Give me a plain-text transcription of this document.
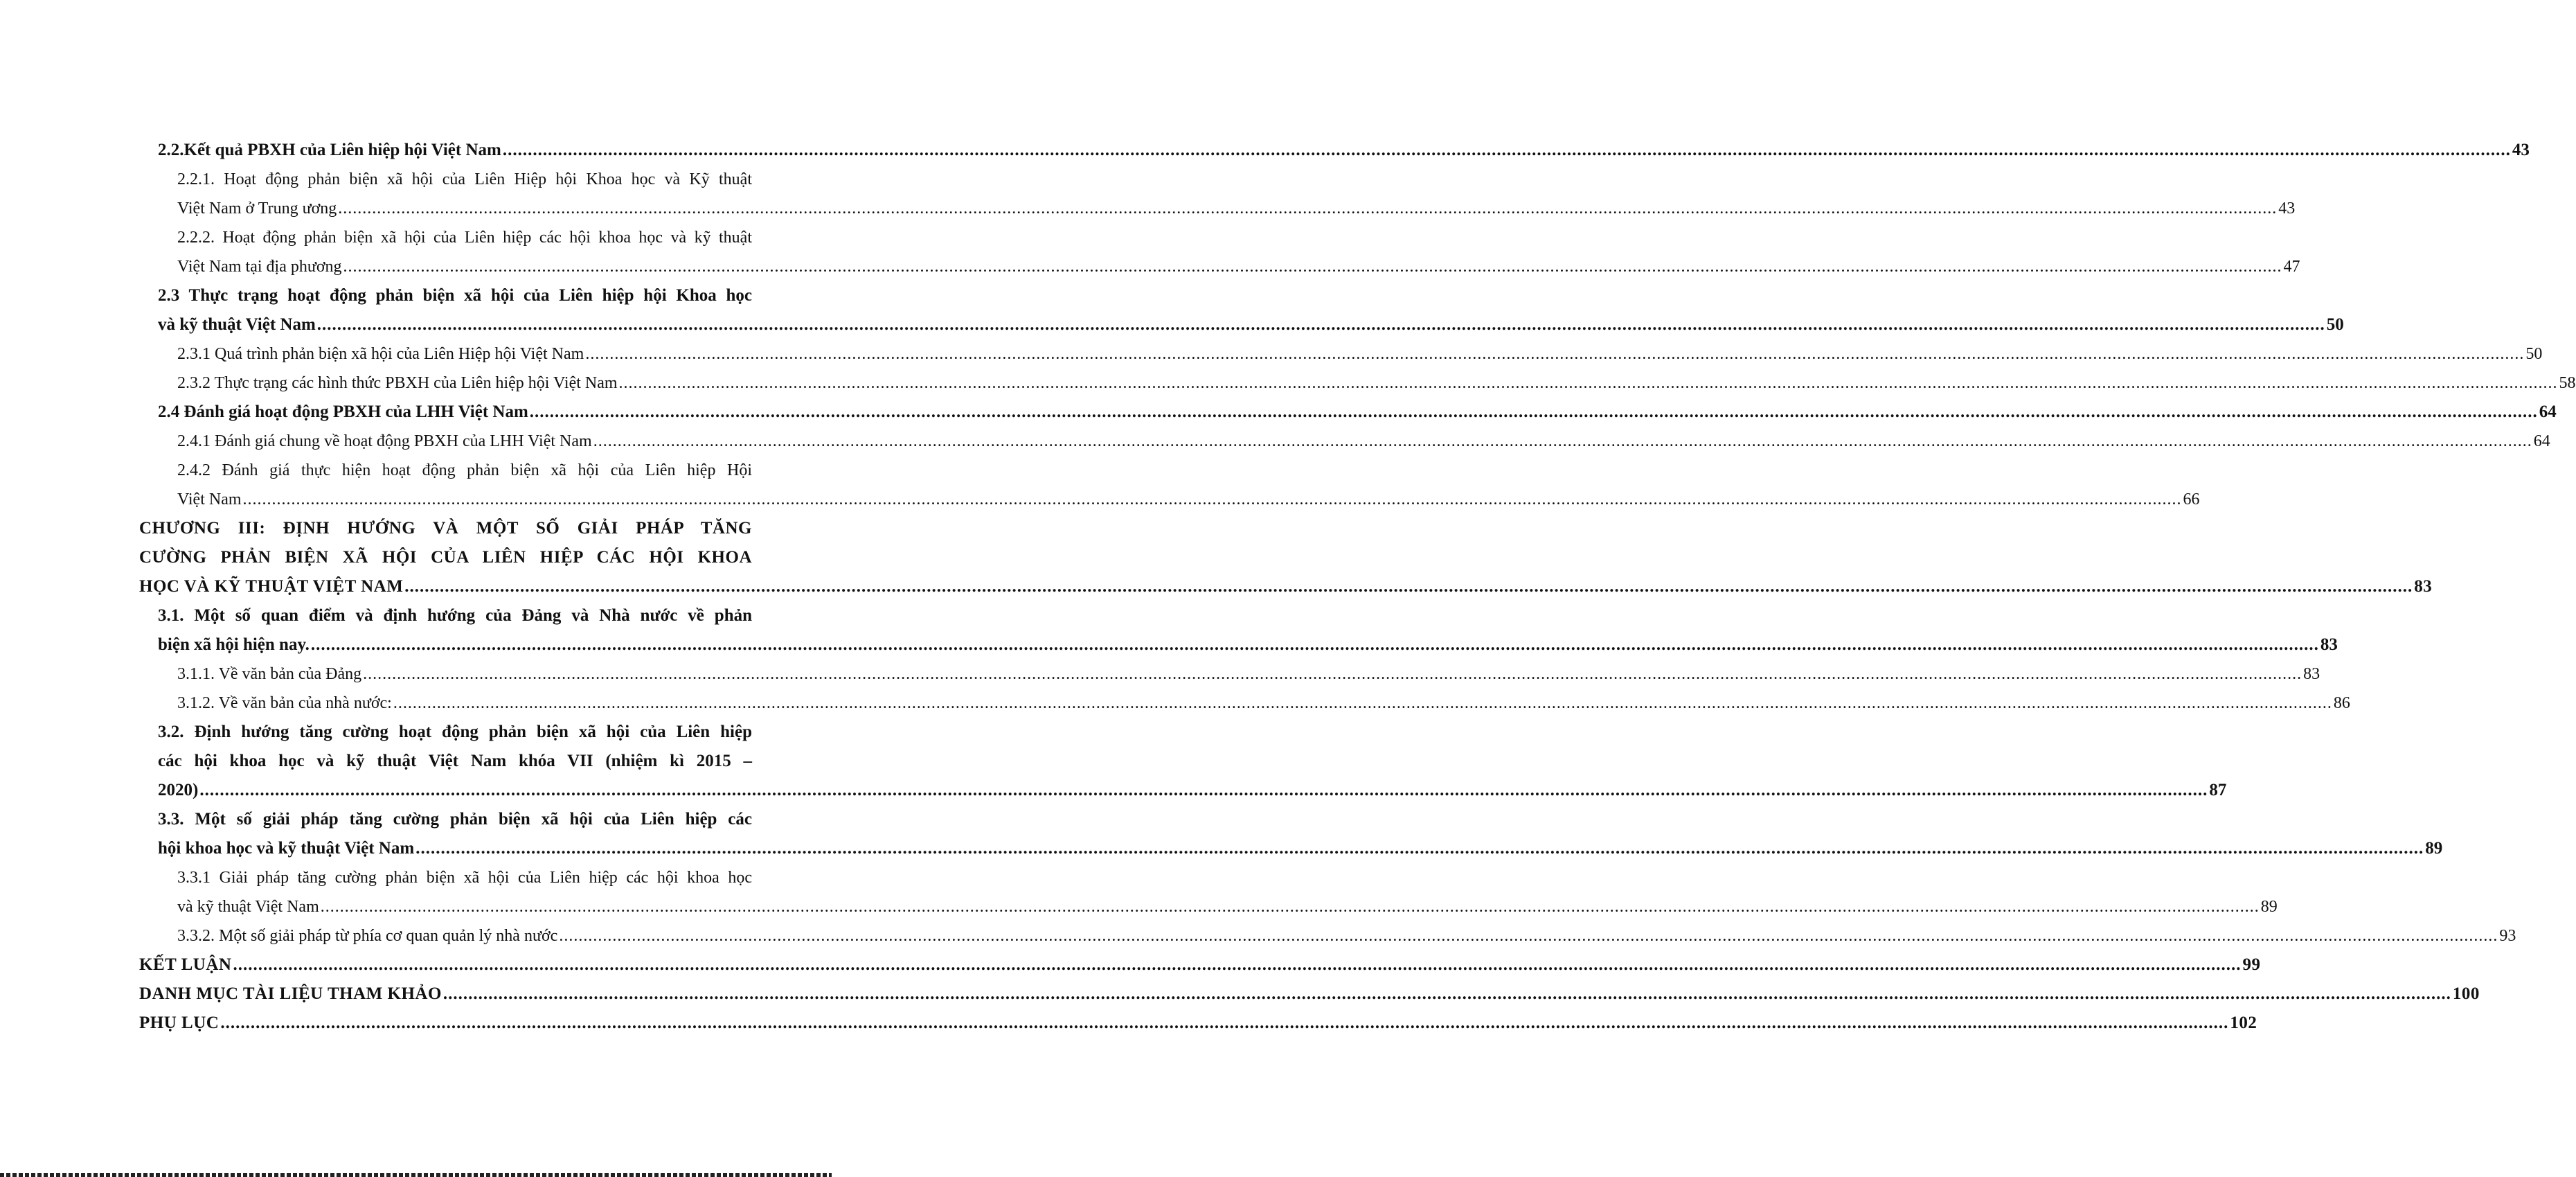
2.2.Kết quả PBXH của Liên hiệp hội Việt Nam ................................................................................................................................................................................................................................................................................................................................................................................................................ 43
2.2.1. Hoạt động phản biện xã hội của Liên Hiệp hội Khoa học và Kỹ thuật
Việt Nam ở Trung ương ................................................................................................................................................................................................................................................................................................................................................................................................................ 43
2.2.2. Hoạt động phản biện xã hội của Liên hiệp các hội khoa học và kỹ thuật
Việt Nam tại địa phương ................................................................................................................................................................................................................................................................................................................................................................................................................ 47
2.3 Thực trạng hoạt động phản biện xã hội của Liên hiệp hội Khoa học
và kỹ thuật Việt Nam ................................................................................................................................................................................................................................................................................................................................................................................................................ 50
2.3.1 Quá trình phản biện xã hội của Liên Hiệp hội Việt Nam ................................................................................................................................................................................................................................................................................................................................................................................................................ 50
2.3.2 Thực trạng các hình thức PBXH của Liên hiệp hội Việt Nam ................................................................................................................................................................................................................................................................................................................................................................................................................ 58
2.4 Đánh giá hoạt động PBXH của LHH Việt Nam ................................................................................................................................................................................................................................................................................................................................................................................................................ 64
2.4.1 Đánh giá chung về hoạt động PBXH của LHH Việt Nam ................................................................................................................................................................................................................................................................................................................................................................................................................ 64
2.4.2 Đánh giá thực hiện hoạt động phản biện xã hội của Liên hiệp Hội
Việt Nam ................................................................................................................................................................................................................................................................................................................................................................................................................ 66
CHƯƠNG III: ĐỊNH HƯỚNG VÀ MỘT SỐ GIẢI PHÁP TĂNG
CƯỜNG PHẢN BIỆN XÃ HỘI CỦA LIÊN HIỆP CÁC HỘI KHOA
HỌC VÀ KỸ THUẬT VIỆT NAM ................................................................................................................................................................................................................................................................................................................................................................................................................ 83
3.1. Một số quan điểm và định hướng của Đảng và Nhà nước về phản
biện xã hội hiện nay. ................................................................................................................................................................................................................................................................................................................................................................................................................ 83
3.1.1. Về văn bản của Đảng ................................................................................................................................................................................................................................................................................................................................................................................................................ 83
3.1.2. Về văn bản của nhà nước: ................................................................................................................................................................................................................................................................................................................................................................................................................ 86
3.2. Định hướng tăng cường hoạt động phản biện xã hội của Liên hiệp
các hội khoa học và kỹ thuật Việt Nam khóa VII (nhiệm kì 2015 –
2020) ................................................................................................................................................................................................................................................................................................................................................................................................................ 87
3.3. Một số giải pháp tăng cường phản biện xã hội của Liên hiệp các
hội khoa học và kỹ thuật Việt Nam ................................................................................................................................................................................................................................................................................................................................................................................................................ 89
3.3.1 Giải pháp tăng cường phản biện xã hội của Liên hiệp các hội khoa học
và kỹ thuật Việt Nam ................................................................................................................................................................................................................................................................................................................................................................................................................ 89
3.3.2. Một số giải pháp từ phía cơ quan quản lý nhà nước ................................................................................................................................................................................................................................................................................................................................................................................................................ 93
KẾT LUẬN ................................................................................................................................................................................................................................................................................................................................................................................................................ 99
DANH MỤC TÀI LIỆU THAM KHẢO ................................................................................................................................................................................................................................................................................................................................................................................................................ 100
PHỤ LỤC ................................................................................................................................................................................................................................................................................................................................................................................................................ 102
